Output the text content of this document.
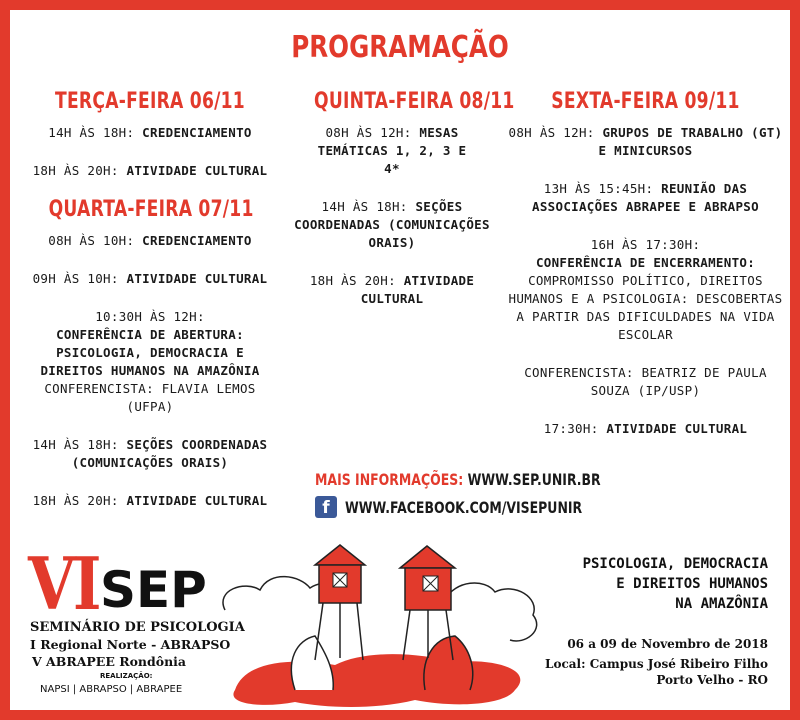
PROGRAMAÇÃO
TERÇA-FEIRA 06/11
14H ÀS 18H: CREDENCIAMENTO
18H ÀS 20H: ATIVIDADE CULTURAL
QUARTA-FEIRA 07/11
08H ÀS 10H: CREDENCIAMENTO
09H ÀS 10H: ATIVIDADE CULTURAL
10:30H ÀS 12H:
CONFERÊNCIA DE ABERTURA: PSICOLOGIA, DEMOCRACIA E DIREITOS HUMANOS NA AMAZÔNIA
CONFERENCISTA: FLAVIA LEMOS (UFPA)
14H ÀS 18H: SEÇÕES COORDENADAS (COMUNICAÇÕES ORAIS)
18H ÀS 20H: ATIVIDADE CULTURAL
QUINTA-FEIRA 08/11
08H ÀS 12H: MESAS TEMÁTICAS 1, 2, 3 E 4*
14H ÀS 18H: SEÇÕES COORDENADAS (COMUNICAÇÕES ORAIS)
18H ÀS 20H: ATIVIDADE CULTURAL
SEXTA-FEIRA 09/11
08H ÀS 12H: GRUPOS DE TRABALHO (GT) E MINICURSOS
13H ÀS 15:45H: REUNIÃO DAS ASSOCIAÇÕES ABRAPEE E ABRAPSO
16H ÀS 17:30H:
CONFERÊNCIA DE ENCERRAMENTO:
COMPROMISSO POLÍTICO, DIREITOS HUMANOS E A PSICOLOGIA: DESCOBERTAS A PARTIR DAS DIFICULDADES NA VIDA ESCOLAR
CONFERENCISTA: BEATRIZ DE PAULA SOUZA (IP/USP)
17:30H: ATIVIDADE CULTURAL
MAIS INFORMAÇÕES: WWW.SEP.UNIR.BR
f WWW.FACEBOOK.COM/VISEPUNIR
VI SEP
SEMINÁRIO DE PSICOLOGIA
I Regional Norte - ABRAPSO
V ABRAPEE Rondônia
REALIZAÇÃO:
NAPSI | ABRAPSO | ABRAPEE
PSICOLOGIA, DEMOCRACIA
E DIREITOS HUMANOS
NA AMAZÔNIA
06 a 09 de Novembro de 2018
Local: Campus José Ribeiro Filho
Porto Velho - RO
